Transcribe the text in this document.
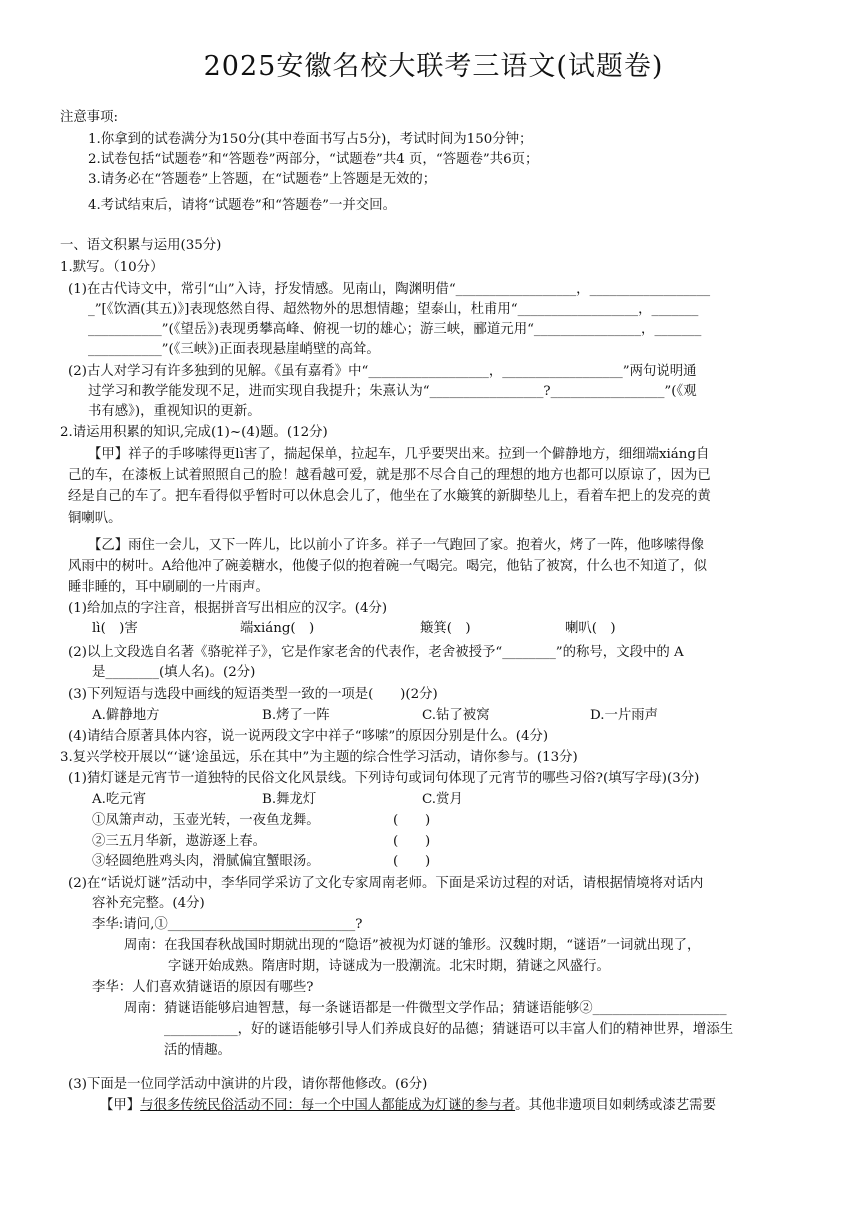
2025安徽名校大联考三语文(试题卷)
注意事项:
1.你拿到的试卷满分为150分(其中卷面书写占5分)，考试时间为150分钟；
2.试卷包括“试题卷”和“答题卷”两部分，“试题卷”共4 页，“答题卷”共6页；
3.请务必在“答题卷”上答题，在“试题卷”上答题是无效的；
4.考试结束后，请将“试题卷”和“答题卷”一并交回。
一、语文积累与运用(35分)
1.默写。（10分）
(1)在古代诗文中，常引“山”入诗，抒发情感。见南山，陶渊明借“__________________，__________________
_”[《饮酒(其五)》]表现悠然自得、超然物外的思想情趣；望泰山，杜甫用“__________________，_______
___________”(《望岳》)表现勇攀高峰、俯视一切的雄心；游三峡，郦道元用“________________，_______
___________”(《三峡》)正面表现悬崖峭壁的高耸。
(2)古人对学习有许多独到的见解。《虽有嘉肴》中“__________________，__________________”两句说明通
过学习和教学能发现不足，进而实现自我提升；朱熹认为“_________________?_________________”(《观
书有感》)，重视知识的更新。
2.请运用积累的知识,完成(1)~(4)题。(12分)
【甲】祥子的手哆嗦得更lì害了，揣起保单，拉起车，几乎要哭出来。拉到一个僻静地方，细细端xiáng自
己的车，在漆板上试着照照自己的脸！越看越可爱，就是那不尽合自己的理想的地方也都可以原谅了，因为已
经是自己的车了。把车看得似乎暂时可以休息会儿了，他坐在了水簸箕的新脚垫儿上，看着车把上的发亮的黄
铜喇叭。
【乙】雨住一会儿，又下一阵儿，比以前小了许多。祥子一气跑回了家。抱着火，烤了一阵，他哆嗦得像
风雨中的树叶。A给他冲了碗姜糖水，他傻子似的抱着碗一气喝完。喝完，他钻了被窝，什么也不知道了，似
睡非睡的，耳中刷刷的一片雨声。
(1)给加点的字注音，根据拼音写出相应的汉字。(4分)
lì(　)害	端xiáng(　)	簸箕(　)	喇叭(　)
(2)以上文段选自名著《骆驼祥子》，它是作家老舍的代表作，老舍被授予“________”的称号，文段中的 A
是________(填人名)。(2分)
(3)下列短语与选段中画线的短语类型一致的一项是(　　)(2分)
A.僻静地方	B.烤了一阵	C.钻了被窝	D.一片雨声
(4)请结合原著具体内容，说一说两段文字中祥子“哆嗦”的原因分别是什么。(4分)
3.复兴学校开展以“‘谜’途虽远，乐在其中”为主题的综合性学习活动，请你参与。(13分)
(1)猜灯谜是元宵节一道独特的民俗文化风景线。下列诗句或词句体现了元宵节的哪些习俗?(填写字母)(3分)
A.吃元宵	B.舞龙灯	C.赏月
①凤箫声动，玉壶光转，一夜鱼龙舞。	(　　)
②三五月华新，遨游逐上春。	(　　)
③轻圆绝胜鸡头肉，滑腻偏宜蟹眼汤。	(　　)
(2)在“话说灯谜”活动中，李华同学采访了文化专家周南老师。下面是采访过程的对话，请根据情境将对话内
容补充完整。(4分)
李华:请问,①____________________________?
周南：在我国春秋战国时期就出现的“隐语”被视为灯谜的雏形。汉魏时期，“谜语”一词就出现了，
字谜开始成熟。隋唐时期，诗谜成为一股潮流。北宋时期，猜谜之风盛行。
李华：人们喜欢猜谜语的原因有哪些?
周南：猜谜语能够启迪智慧，每一条谜语都是一件微型文学作品；猜谜语能够②____________________
___________，好的谜语能够引导人们养成良好的品德；猜谜语可以丰富人们的精神世界，增添生
活的情趣。
(3)下面是一位同学活动中演讲的片段，请你帮他修改。(6分)
【甲】与很多传统民俗活动不同：每一个中国人都能成为灯谜的参与者。其他非遗项目如刺绣或漆艺需要
